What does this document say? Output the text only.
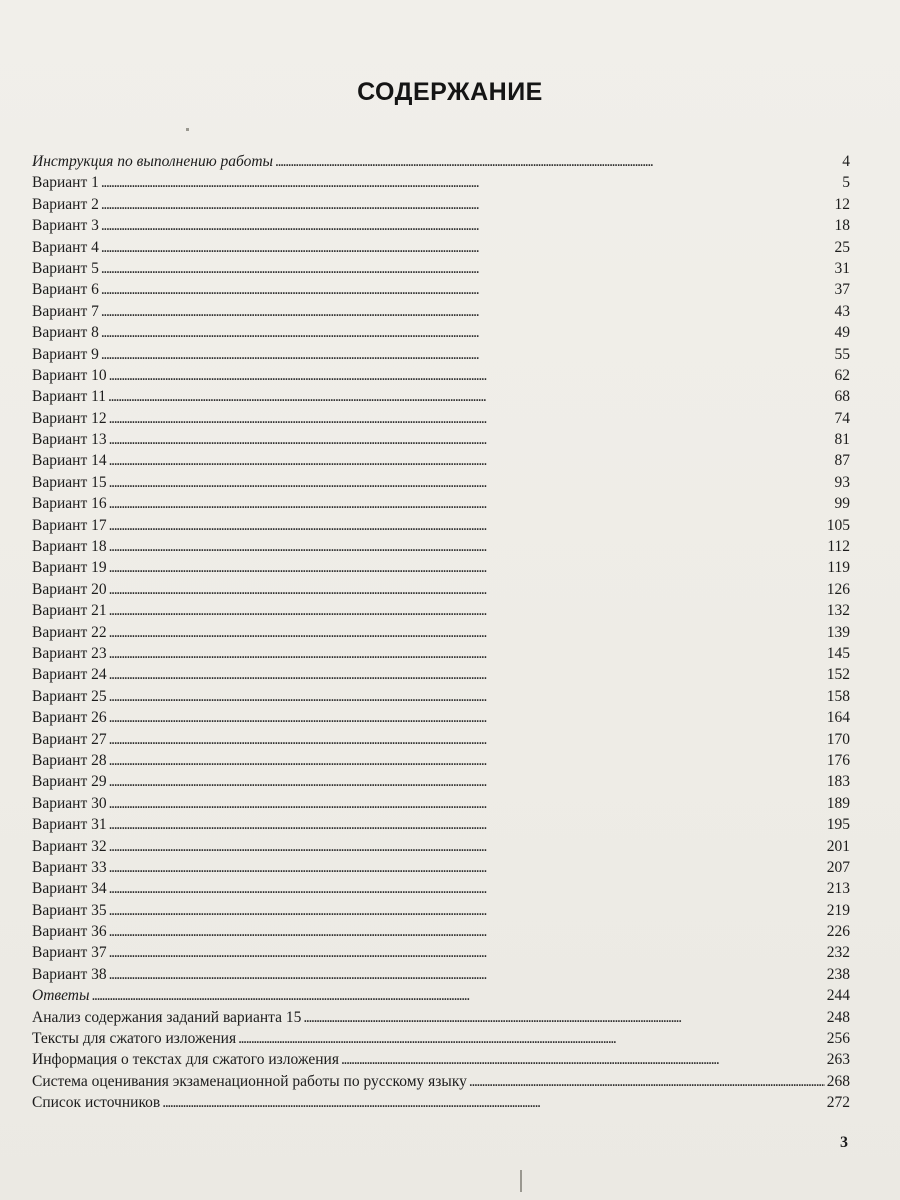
СОДЕРЖАНИЕ
Инструкция по выполнению работы . . .	4
Вариант 1 . . .	5
Вариант 2 . . .	12
Вариант 3 . . .	18
Вариант 4 . . .	25
Вариант 5 . . .	31
Вариант 6 . . .	37
Вариант 7 . . .	43
Вариант 8 . . .	49
Вариант 9 . . .	55
Вариант 10 . . .	62
Вариант 11 . . .	68
Вариант 12 . . .	74
Вариант 13 . . .	81
Вариант 14 . . .	87
Вариант 15 . . .	93
Вариант 16 . . .	99
Вариант 17 . . .	105
Вариант 18 . . .	112
Вариант 19 . . .	119
Вариант 20 . . .	126
Вариант 21 . . .	132
Вариант 22 . . .	139
Вариант 23 . . .	145
Вариант 24 . . .	152
Вариант 25 . . .	158
Вариант 26 . . .	164
Вариант 27 . . .	170
Вариант 28 . . .	176
Вариант 29 . . .	183
Вариант 30 . . .	189
Вариант 31 . . .	195
Вариант 32 . . .	201
Вариант 33 . . .	207
Вариант 34 . . .	213
Вариант 35 . . .	219
Вариант 36 . . .	226
Вариант 37 . . .	232
Вариант 38 . . .	238
Ответы . . .	244
Анализ содержания заданий варианта 15 . . .	248
Тексты для сжатого изложения . . .	256
Информация о текстах для сжатого изложения . . .	263
Система оценивания экзаменационной работы по русскому языку . . .	268
Список источников . . .	272
3
